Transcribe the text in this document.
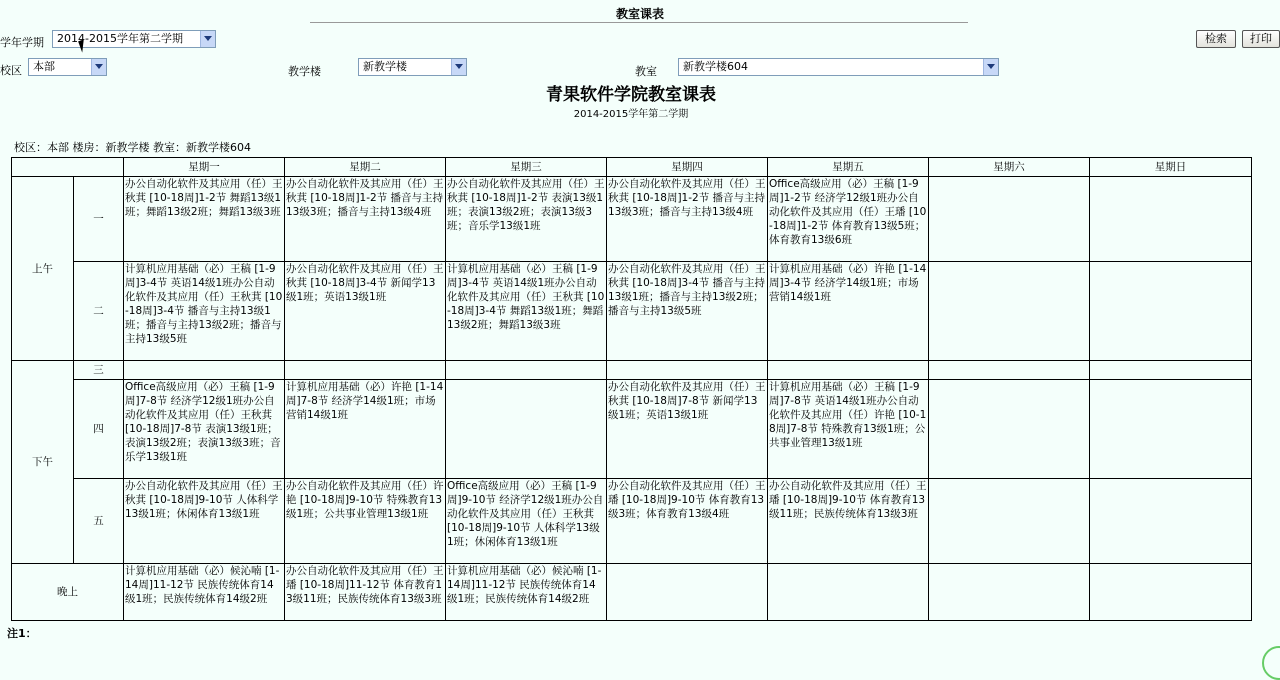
教室课表
学年学期	2014-2015学年第二学期	检索	打印
校区	本部	教学楼	新教学楼	教室	新教学楼604
青果软件学院教室课表
2014-2015学年第二学期
校区：本部 楼房：新教学楼 教室：新教学楼604
		星期一	星期二	星期三	星期四	星期五	星期六	星期日
上午	一	办公自动化软件及其应用（任）王秋萁 [10-18周]1-2节 舞蹈13级1班；舞蹈13级2班；舞蹈13级3班	办公自动化软件及其应用（任）王秋萁 [10-18周]1-2节 播音与主持13级3班；播音与主持13级4班	办公自动化软件及其应用（任）王秋萁 [10-18周]1-2节 表演13级1班；表演13级2班；表演13级3班；音乐学13级1班	办公自动化软件及其应用（任）王秋萁 [10-18周]1-2节 播音与主持13级3班；播音与主持13级4班	Office高级应用（必）王稿 [1-9周]1-2节 经济学12级1班办公自动化软件及其应用（任）王璠 [10-18周]1-2节 体育教育13级5班；体育教育13级6班		
	二	计算机应用基础（必）王稿 [1-9周]3-4节 英语14级1班办公自动化软件及其应用（任）王秋萁 [10-18周]3-4节 播音与主持13级1班；播音与主持13级2班；播音与主持13级5班	办公自动化软件及其应用（任）王秋萁 [10-18周]3-4节 新闻学13级1班；英语13级1班	计算机应用基础（必）王稿 [1-9周]3-4节 英语14级1班办公自动化软件及其应用（任）王秋萁 [10-18周]3-4节 舞蹈13级1班；舞蹈13级2班；舞蹈13级3班	办公自动化软件及其应用（任）王秋萁 [10-18周]3-4节 播音与主持13级1班；播音与主持13级2班；播音与主持13级5班	计算机应用基础（必）许艳 [1-14周]3-4节 经济学14级1班；市场营销14级1班		
下午	三							
	四	Office高级应用（必）王稿 [1-9周]7-8节 经济学12级1班办公自动化软件及其应用（任）王秋萁 [10-18周]7-8节 表演13级1班；表演13级2班；表演13级3班；音乐学13级1班	计算机应用基础（必）许艳 [1-14周]7-8节 经济学14级1班；市场营销14级1班		办公自动化软件及其应用（任）王秋萁 [10-18周]7-8节 新闻学13级1班；英语13级1班	计算机应用基础（必）王稿 [1-9周]7-8节 英语14级1班办公自动化软件及其应用（任）许艳 [10-18周]7-8节 特殊教育13级1班；公共事业管理13级1班		
	五	办公自动化软件及其应用（任）王秋萁 [10-18周]9-10节 人体科学13级1班；休闲体育13级1班	办公自动化软件及其应用（任）许艳 [10-18周]9-10节 特殊教育13级1班；公共事业管理13级1班	Office高级应用（必）王稿 [1-9周]9-10节 经济学12级1班办公自动化软件及其应用（任）王秋萁 [10-18周]9-10节 人体科学13级1班；休闲体育13级1班	办公自动化软件及其应用（任）王璠 [10-18周]9-10节 体育教育13级3班；体育教育13级4班	办公自动化软件及其应用（任）王璠 [10-18周]9-10节 体育教育13级11班；民族传统体育13级3班		
晚上		计算机应用基础（必）候沁喃 [1-14周]11-12节 民族传统体育14级1班；民族传统体育14级2班	办公自动化软件及其应用（任）王璠 [10-18周]11-12节 体育教育13级11班；民族传统体育13级3班	计算机应用基础（必）候沁喃 [1-14周]11-12节 民族传统体育14级1班；民族传统体育14级2班				
注1：
